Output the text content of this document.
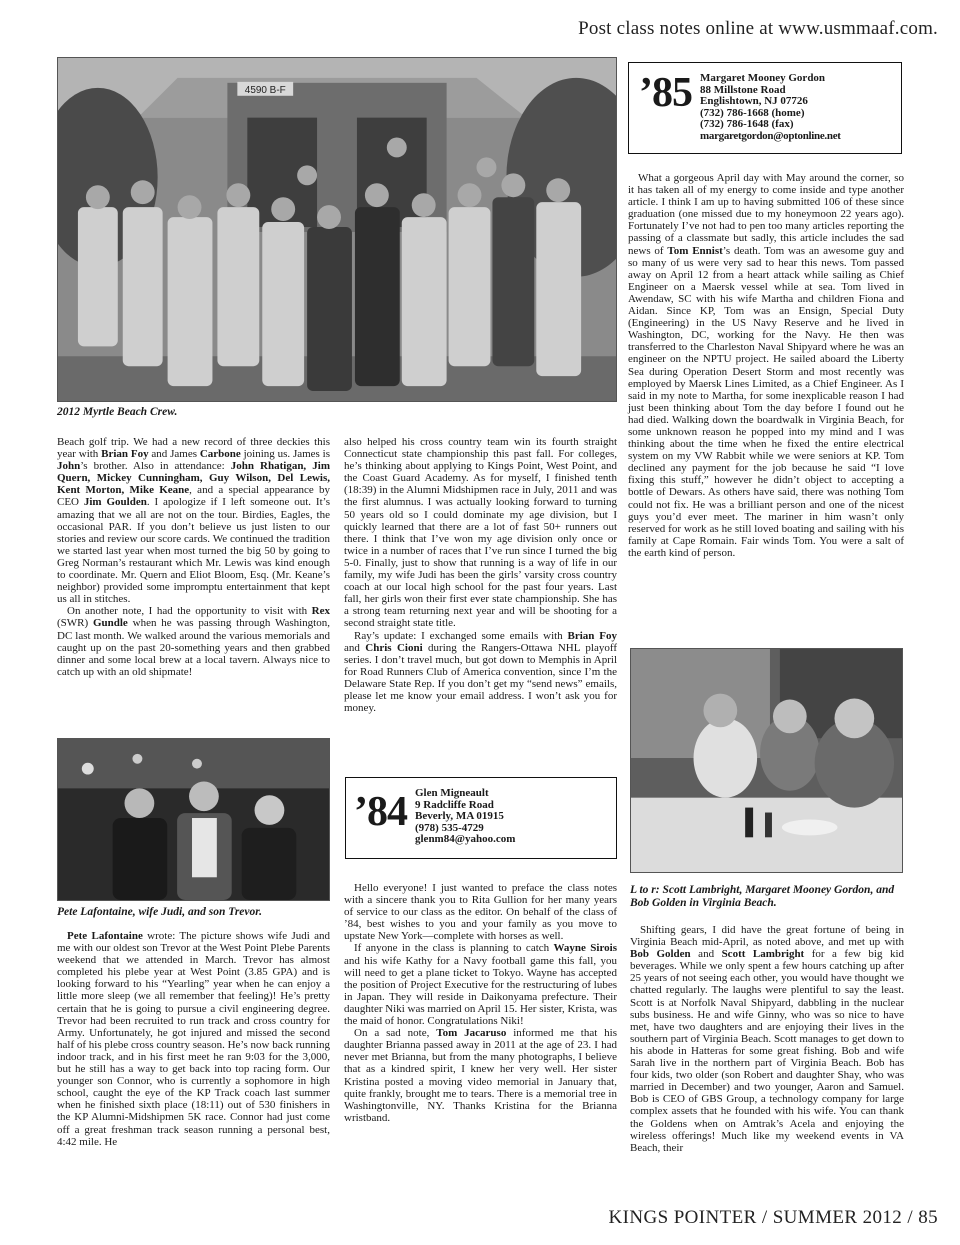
Post class notes online at www.usmmaaf.com.
4590 B-F
2012 Myrtle Beach Crew.
’85 Margaret Mooney Gordon
88 Millstone Road
Englishtown, NJ 07726
(732) 786-1668 (home)
(732) 786-1648 (fax)
margaretgordon@optonline.net

What a gorgeous April day with May around the corner, so it has taken all of my energy to come inside and type another article. I think I am up to having submitted 106 of these since graduation (one missed due to my honeymoon 22 years ago). Fortunately I’ve not had to pen too many articles reporting the passing of a classmate but sadly, this article includes the sad news of Tom Ennist’s death. Tom was an awesome guy and so many of us were very sad to hear this news. Tom passed away on April 12 from a heart attack while sailing as Chief Engineer on a Maersk vessel while at sea. Tom lived in Awendaw, SC with his wife Martha and children Fiona and Aidan. Since KP, Tom was an Ensign, Special Duty (Engineering) in the US Navy Reserve and he lived in Washington, DC, working for the Navy. He then was transferred to the Charleston Naval Shipyard where he was an engineer on the NPTU project. He sailed aboard the Liberty Sea during Operation Desert Storm and most recently was employed by Maersk Lines Limited, as a Chief Engineer. As I said in my note to Martha, for some inexplicable reason I had just been thinking about Tom the day before I found out he had died. Walking down the boardwalk in Virginia Beach, for some unknown reason he popped into my mind and I was thinking about the time when he fixed the entire electrical system on my VW Rabbit while we were seniors at KP. Tom declined any payment for the job because he said “I love fixing this stuff,” however he didn’t object to accepting a bottle of Dewars. As others have said, there was nothing Tom could not fix. He was a brilliant person and one of the nicest guys you’d ever meet. The mariner in him wasn’t only reserved for work as he still loved boating and sailing with his family at Cape Romain. Fair winds Tom. You were a salt of the earth kind of person.

Beach golf trip. We had a new record of three deckies this year with Brian Foy and James Carbone joining us. James is John’s brother. Also in attendance: John Rhatigan, Jim Quern, Mickey Cunningham, Guy Wilson, Del Lewis, Kent Morton, Mike Keane, and a special appearance by CEO Jim Goulden. I apologize if I left someone out. It’s amazing that we all are not on the tour. Birdies, Eagles, the occasional PAR. If you don’t believe us just listen to our stories and review our score cards. We continued the tradition we started last year when most turned the big 50 by going to Greg Norman’s restaurant which Mr. Lewis was kind enough to coordinate. Mr. Quern and Eliot Bloom, Esq. (Mr. Keane’s neighbor) provided some impromptu entertainment that kept us all in stitches.

On another note, I had the opportunity to visit with Rex (SWR) Gundle when he was passing through Washington, DC last month. We walked around the various memorials and caught up on the past 20-something years and then grabbed dinner and some local brew at a local tavern. Always nice to catch up with an old shipmate!

also helped his cross country team win its fourth straight Connecticut state championship this past fall. For colleges, he’s thinking about applying to Kings Point, West Point, and the Coast Guard Academy. As for myself, I finished tenth (18:39) in the Alumni Midshipmen race in July, 2011 and was the first alumnus. I was actually looking forward to turning 50 years old so I could dominate my age division, but I quickly learned that there are a lot of fast 50+ runners out there. I think that I’ve won my age division only once or twice in a number of races that I’ve run since I turned the big 5-0. Finally, just to show that running is a way of life in our family, my wife Judi has been the girls’ varsity cross country coach at our local high school for the past four years. Last fall, her girls won their first ever state championship. She has a strong team returning next year and will be shooting for a second straight state title.

Ray’s update: I exchanged some emails with Brian Foy and Chris Cioni during the Rangers-Ottawa NHL playoff series. I don’t travel much, but got down to Memphis in April for Road Runners Club of America convention, since I’m the Delaware State Rep. If you don’t get my “send news” emails, please let me know your email address. I won’t ask you for money.

Pete Lafontaine, wife Judi, and son Trevor.

Pete Lafontaine wrote: The picture shows wife Judi and me with our oldest son Trevor at the West Point Plebe Parents weekend that we attended in March. Trevor has almost completed his plebe year at West Point (3.85 GPA) and is looking forward to his “Yearling” year when he can enjoy a little more sleep (we all remember that feeling)! He’s pretty certain that he is going to pursue a civil engineering degree. Trevor had been recruited to run track and cross country for Army. Unfortunately, he got injured and missed the second half of his plebe cross country season. He’s now back running indoor track, and in his first meet he ran 9:03 for the 3,000, but he still has a way to get back into top racing form. Our younger son Connor, who is currently a sophomore in high school, caught the eye of the KP Track coach last summer when he finished sixth place (18:11) out of 530 finishers in the KP Alumni-Midshipmen 5K race. Connor had just come off a great freshman track season running a personal best, 4:42 mile. He

’84 Glen Migneault
9 Radcliffe Road
Beverly, MA 01915
(978) 535-4729
glenm84@yahoo.com

Hello everyone! I just wanted to preface the class notes with a sincere thank you to Rita Gullion for her many years of service to our class as the editor. On behalf of the class of ’84, best wishes to you and your family as you move to upstate New York—complete with horses as well.

If anyone in the class is planning to catch Wayne Sirois and his wife Kathy for a Navy football game this fall, you will need to get a plane ticket to Tokyo. Wayne has accepted the position of Project Executive for the restructuring of lubes in Japan. They will reside in Daikonyama prefecture. Their daughter Niki was married on April 15. Her sister, Krista, was the maid of honor. Congratulations Niki!

On a sad note, Tom Jacaruso informed me that his daughter Brianna passed away in 2011 at the age of 23. I had never met Brianna, but from the many photographs, I believe that as a kindred spirit, I knew her very well. Her sister Kristina posted a moving video memorial in January that, quite frankly, brought me to tears. There is a memorial tree in Washingtonville, NY. Thanks Kristina for the Brianna wristband.

L to r: Scott Lambright, Margaret Mooney Gordon, and Bob Golden in Virginia Beach.

Shifting gears, I did have the great fortune of being in Virginia Beach mid-April, as noted above, and met up with Bob Golden and Scott Lambright for a few big kid beverages. While we only spent a few hours catching up after 25 years of not seeing each other, you would have thought we chatted regularly. The laughs were plentiful to say the least. Scott is at Norfolk Naval Shipyard, dabbling in the nuclear subs business. He and wife Ginny, who was so nice to have met, have two daughters and are enjoying their lives in the southern part of Virginia Beach. Scott manages to get down to his abode in Hatteras for some great fishing. Bob and wife Sarah live in the northern part of Virginia Beach. Bob has four kids, two older (son Robert and daughter Shay, who was married in December) and two younger, Aaron and Samuel. Bob is CEO of GBS Group, a technology company for large complex assets that he founded with his wife. You can thank the Goldens when on Amtrak’s Acela and enjoying the wireless offerings! Much like my weekend events in VA Beach, their

KINGS POINTER / SUMMER 2012 / 85
